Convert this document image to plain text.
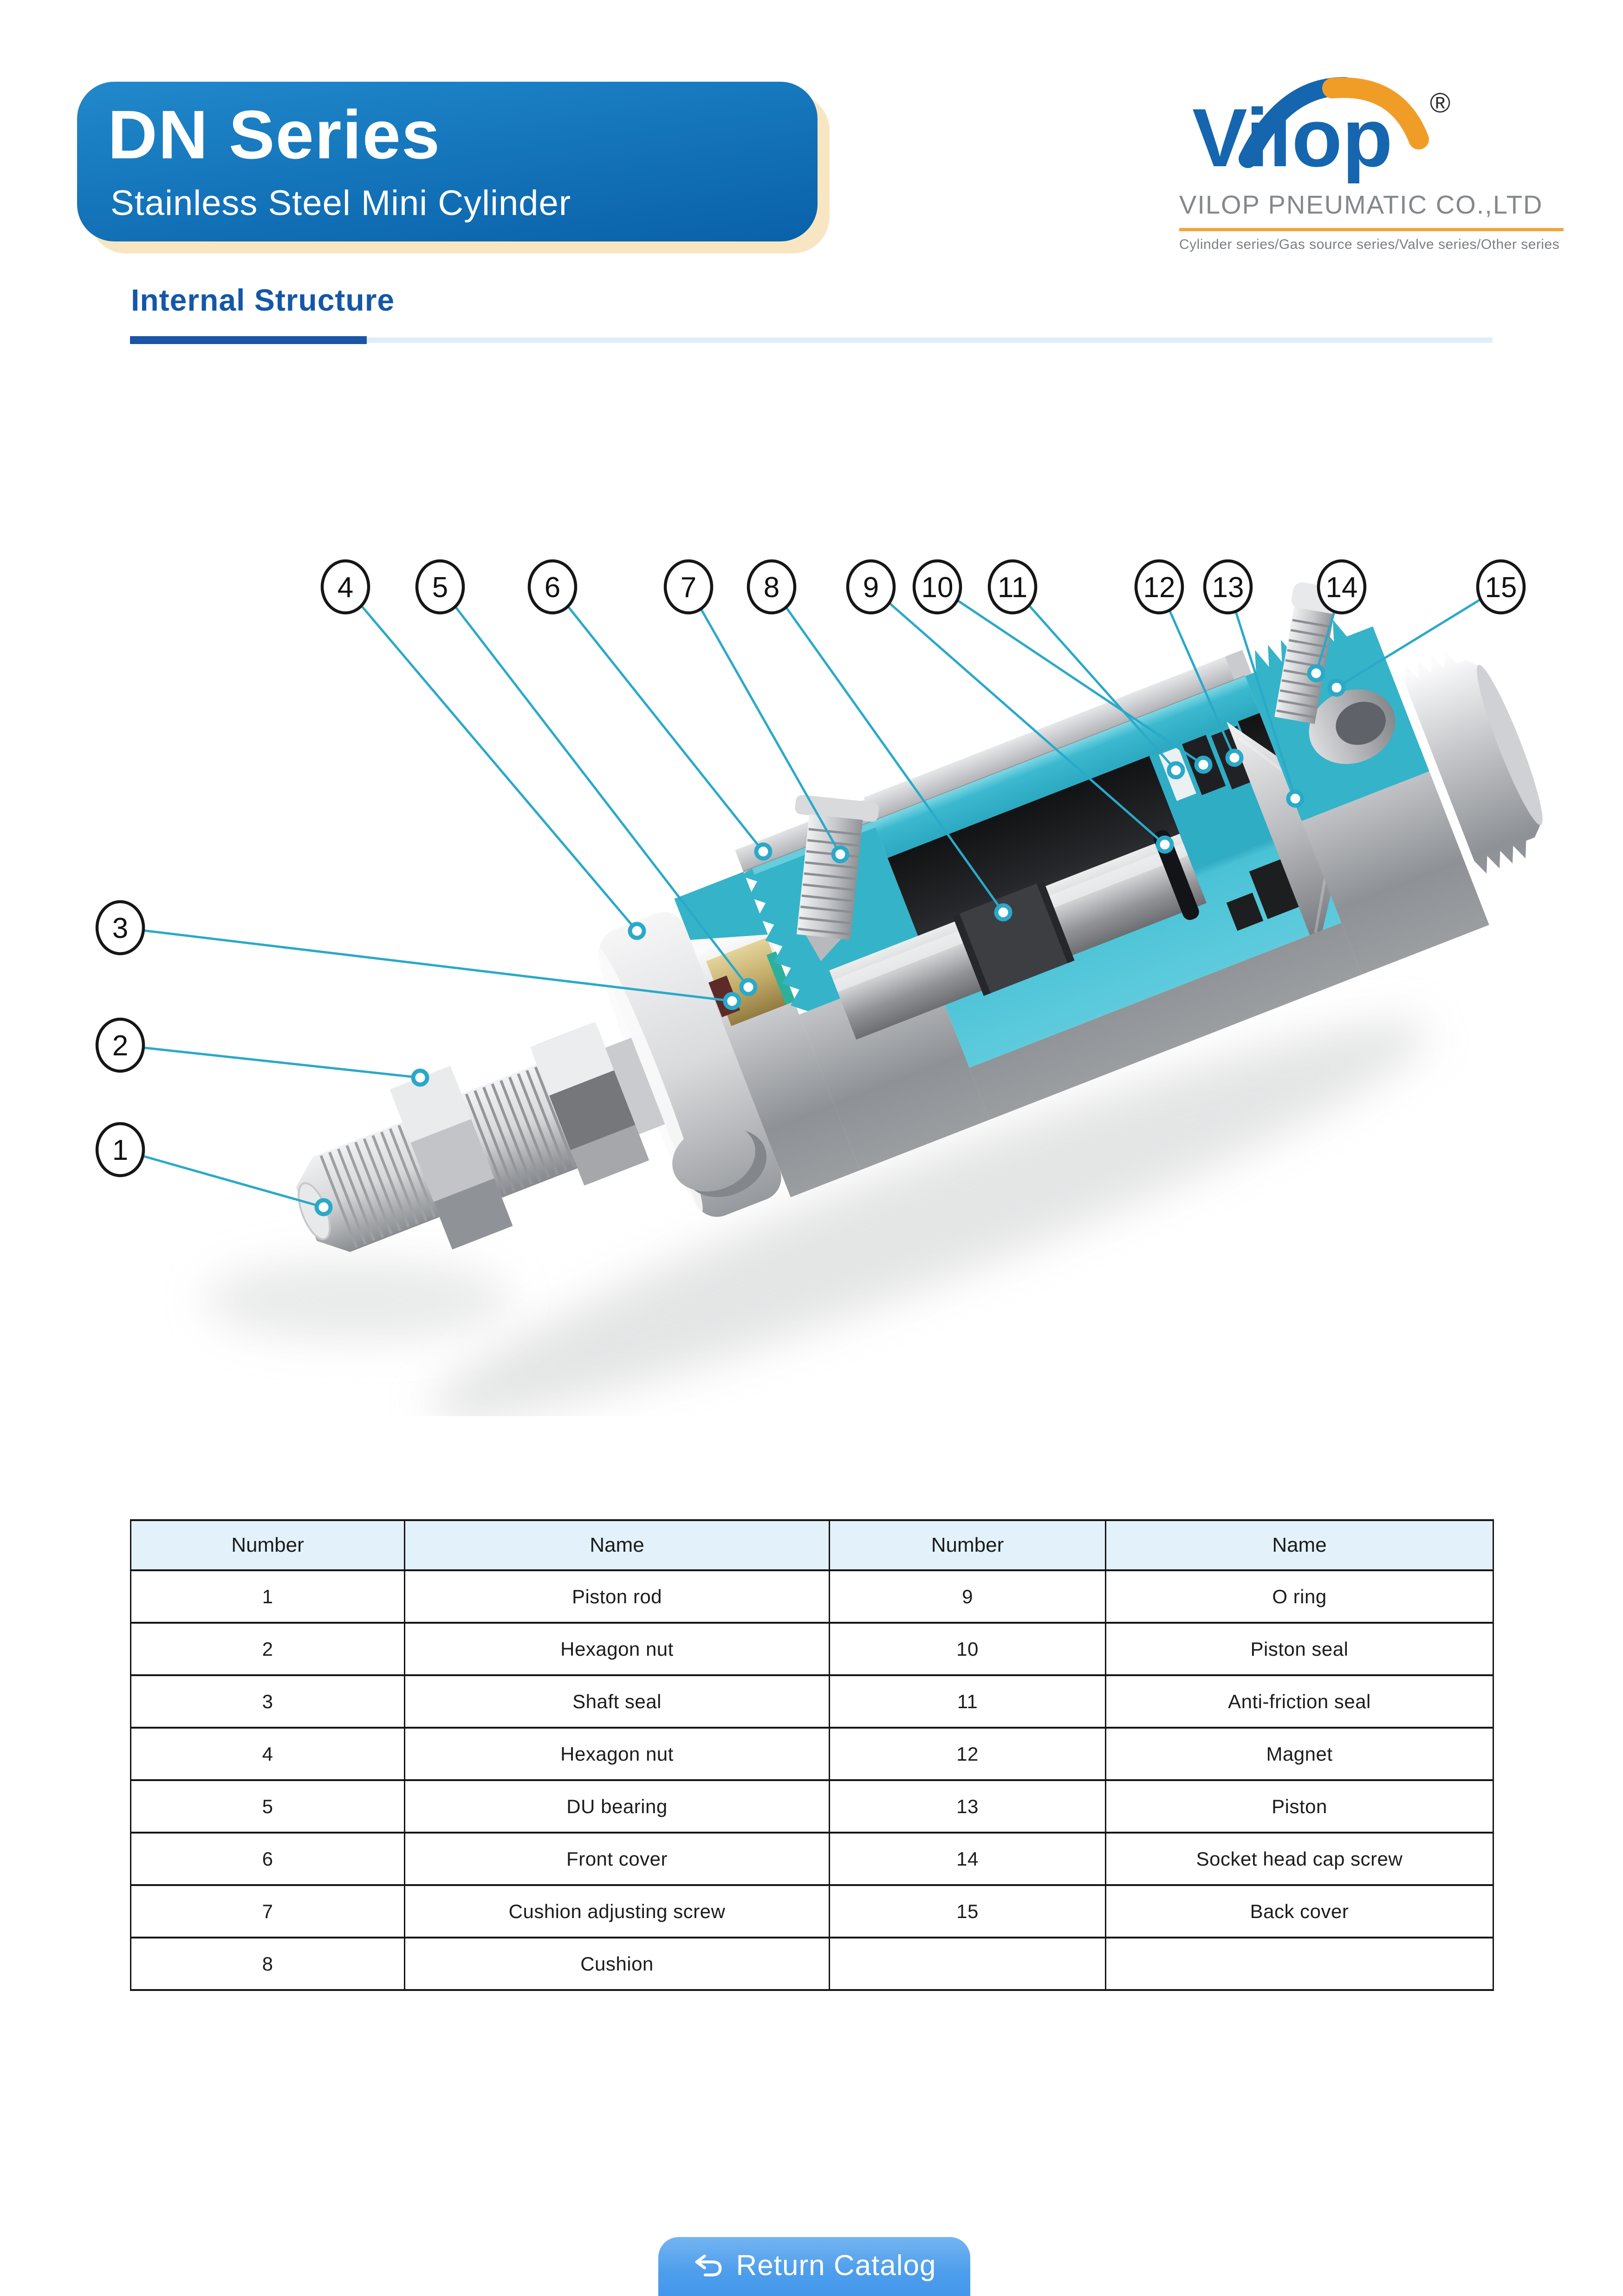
DN Series
Stainless Steel Mini Cylinder
Vilop ®
VILOP PNEUMATIC CO.,LTD
Cylinder series/Gas source series/Valve series/Other series
Internal Structure
1
2
3
4	5	6	7 8	9 10 11	12 13	14	15
Number	Name	Number	Name
1	Piston rod	9	O ring
2	Hexagon nut	10	Piston seal
3	Shaft seal	11	Anti-friction seal
4	Hexagon nut	12	Magnet
5	DU bearing	13	Piston
6	Front cover	14	Socket head cap screw
7	Cushion adjusting screw	15	Back cover
8	Cushion		
Return Catalog
